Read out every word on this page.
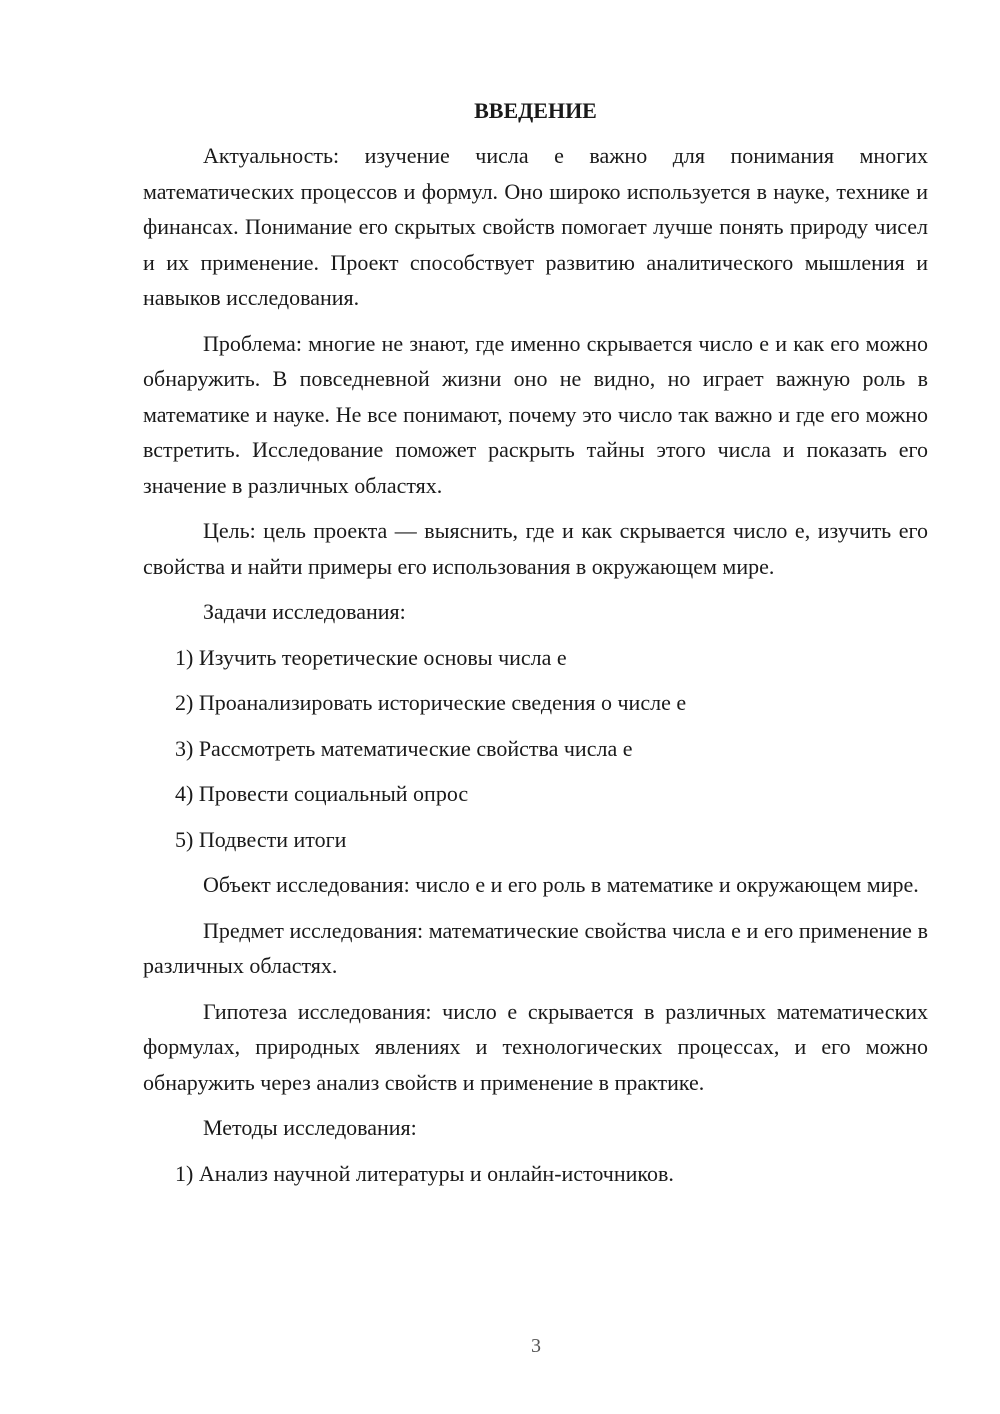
ВВЕДЕНИЕ

Актуальность: изучение числа е важно для понимания многих математических процессов и формул. Оно широко используется в науке, технике и финансах. Понимание его скрытых свойств помогает лучше понять природу чисел и их применение. Проект способствует развитию аналитического мышления и навыков исследования.

Проблема: многие не знают, где именно скрывается число е и как его можно обнаружить. В повседневной жизни оно не видно, но играет важную роль в математике и науке. Не все понимают, почему это число так важно и где его можно встретить. Исследование поможет раскрыть тайны этого числа и показать его значение в различных областях.

Цель: цель проекта — выяснить, где и как скрывается число е, изучить его свойства и найти примеры его использования в окружающем мире.

Задачи исследования:

1) Изучить теоретические основы числа е
2) Проанализировать исторические сведения о числе е
3) Рассмотреть математические свойства числа е
4) Провести социальный опрос
5) Подвести итоги

Объект исследования: число е и его роль в математике и окружающем мире.

Предмет исследования: математические свойства числа е и его применение в различных областях.

Гипотеза исследования: число е скрывается в различных математических формулах, природных явлениях и технологических процессах, и его можно обнаружить через анализ свойств и применение в практике.

Методы исследования:

1) Анализ научной литературы и онлайн-источников.
3
